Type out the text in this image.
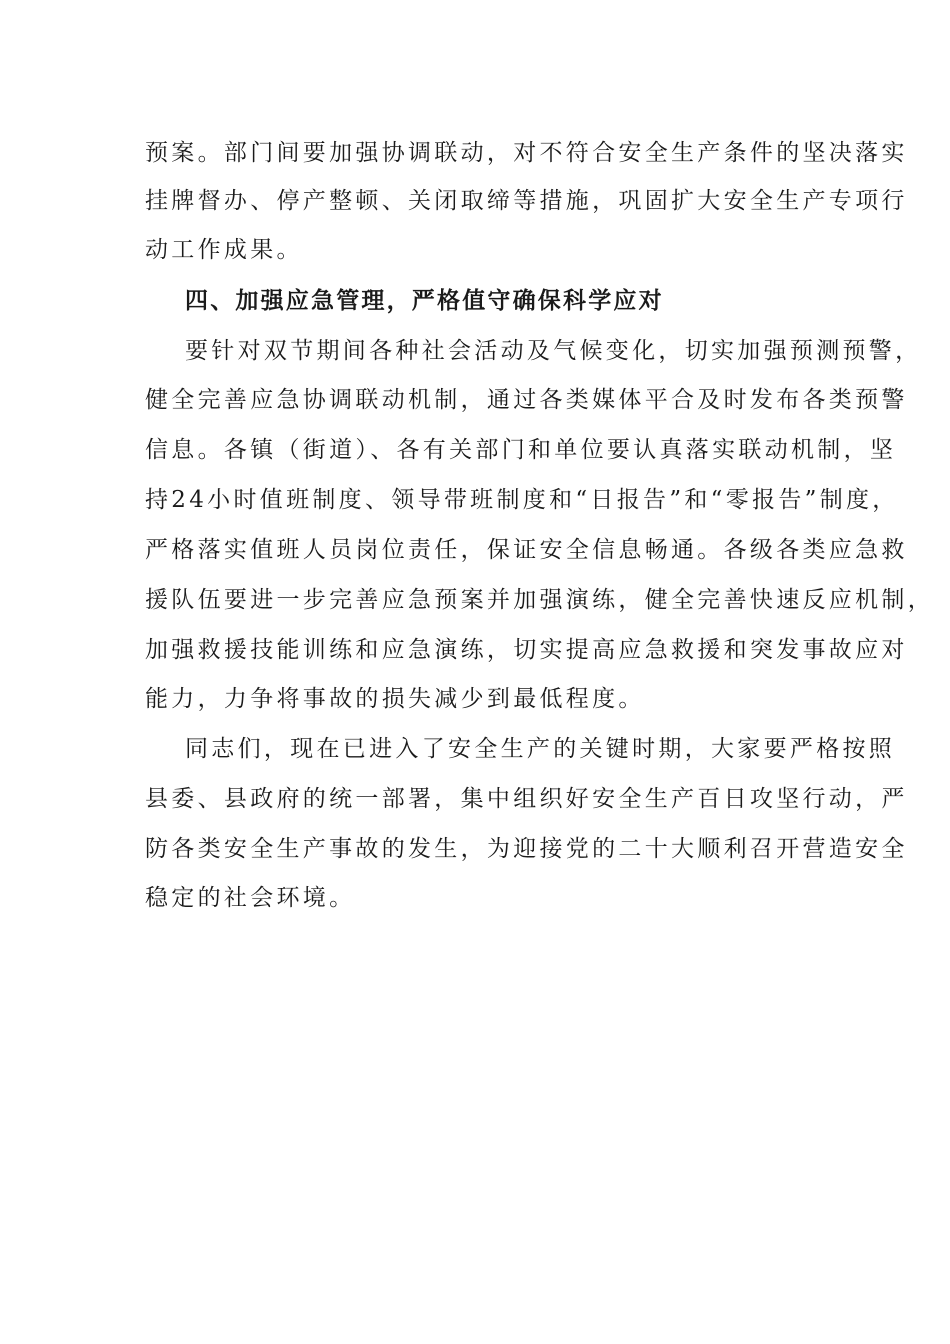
预案。部门间要加强协调联动，对不符合安全生产条件的坚决落实
挂牌督办、停产整顿、关闭取缔等措施，巩固扩大安全生产专项行
动工作成果。
四、加强应急管理，严格值守确保科学应对
要针对双节期间各种社会活动及气候变化，切实加强预测预警，
健全完善应急协调联动机制，通过各类媒体平合及时发布各类预警
信息。各镇（街道）、各有关部门和单位要认真落实联动机制，坚
持24小时值班制度、领导带班制度和“日报告”和“零报告”制度，
严格落实值班人员岗位责任，保证安全信息畅通。各级各类应急救
援队伍要进一步完善应急预案并加强演练，健全完善快速反应机制，
加强救援技能训练和应急演练，切实提高应急救援和突发事故应对
能力，力争将事故的损失减少到最低程度。
同志们，现在已进入了安全生产的关键时期，大家要严格按照
县委、县政府的统一部署，集中组织好安全生产百日攻坚行动，严
防各类安全生产事故的发生，为迎接党的二十大顺利召开营造安全
稳定的社会环境。
